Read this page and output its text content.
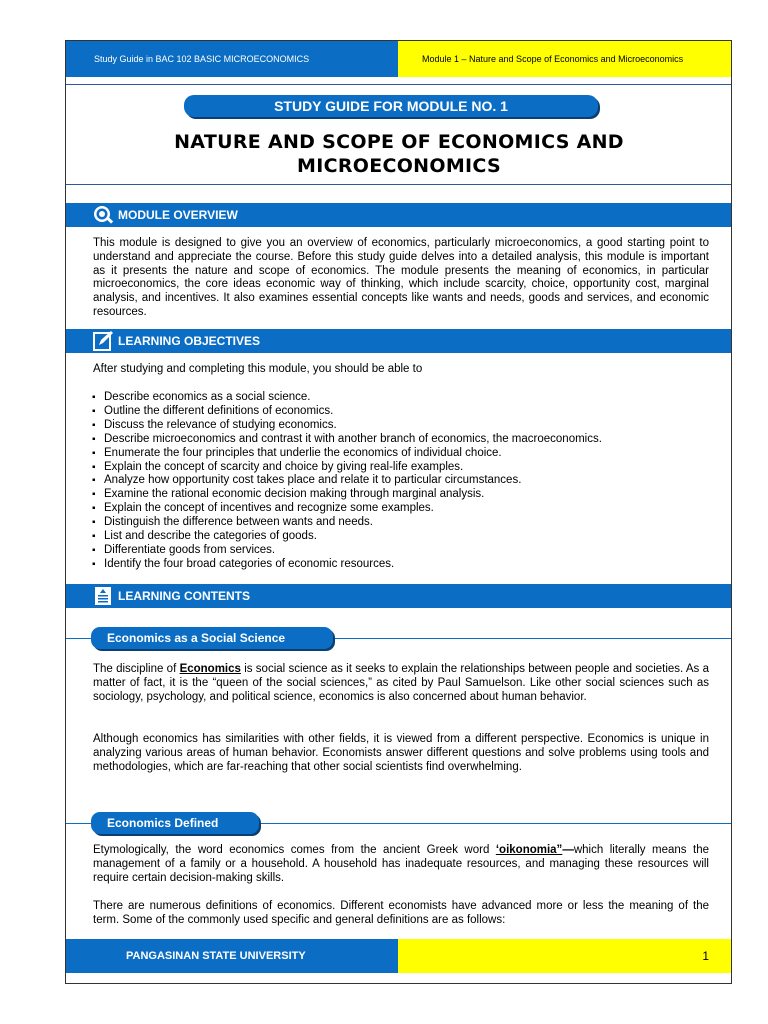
Study Guide in BAC 102 BASIC MICROECONOMICS	Module 1 – Nature and Scope of Economics and Microeconomics
STUDY GUIDE FOR MODULE NO. 1
NATURE AND SCOPE OF ECONOMICS AND
MICROECONOMICS
MODULE OVERVIEW
This module is designed to give you an overview of economics, particularly microeconomics, a good starting point to understand and appreciate the course. Before this study guide delves into a detailed analysis, this module is important as it presents the nature and scope of economics. The module presents the meaning of economics, in particular microeconomics, the core ideas economic way of thinking, which include scarcity, choice, opportunity cost, marginal analysis, and incentives. It also examines essential concepts like wants and needs, goods and services, and economic resources.
LEARNING OBJECTIVES
After studying and completing this module, you should be able to
▪ Describe economics as a social science.
▪ Outline the different definitions of economics.
▪ Discuss the relevance of studying economics.
▪ Describe microeconomics and contrast it with another branch of economics, the macroeconomics.
▪ Enumerate the four principles that underlie the economics of individual choice.
▪ Explain the concept of scarcity and choice by giving real-life examples.
▪ Analyze how opportunity cost takes place and relate it to particular circumstances.
▪ Examine the rational economic decision making through marginal analysis.
▪ Explain the concept of incentives and recognize some examples.
▪ Distinguish the difference between wants and needs.
▪ List and describe the categories of goods.
▪ Differentiate goods from services.
▪ Identify the four broad categories of economic resources.
LEARNING CONTENTS
Economics as a Social Science
The discipline of Economics is social science as it seeks to explain the relationships between people and societies. As a matter of fact, it is the “queen of the social sciences,” as cited by Paul Samuelson. Like other social sciences such as sociology, psychology, and political science, economics is also concerned about human behavior.
Although economics has similarities with other fields, it is viewed from a different perspective. Economics is unique in analyzing various areas of human behavior. Economists answer different questions and solve problems using tools and methodologies, which are far-reaching that other social scientists find overwhelming.
Economics Defined
Etymologically, the word economics comes from the ancient Greek word ‘oikonomia”—which literally means the management of a family or a household. A household has inadequate resources, and managing these resources will require certain decision-making skills.
There are numerous definitions of economics. Different economists have advanced more or less the meaning of the term. Some of the commonly used specific and general definitions are as follows:
PANGASINAN STATE UNIVERSITY	1
